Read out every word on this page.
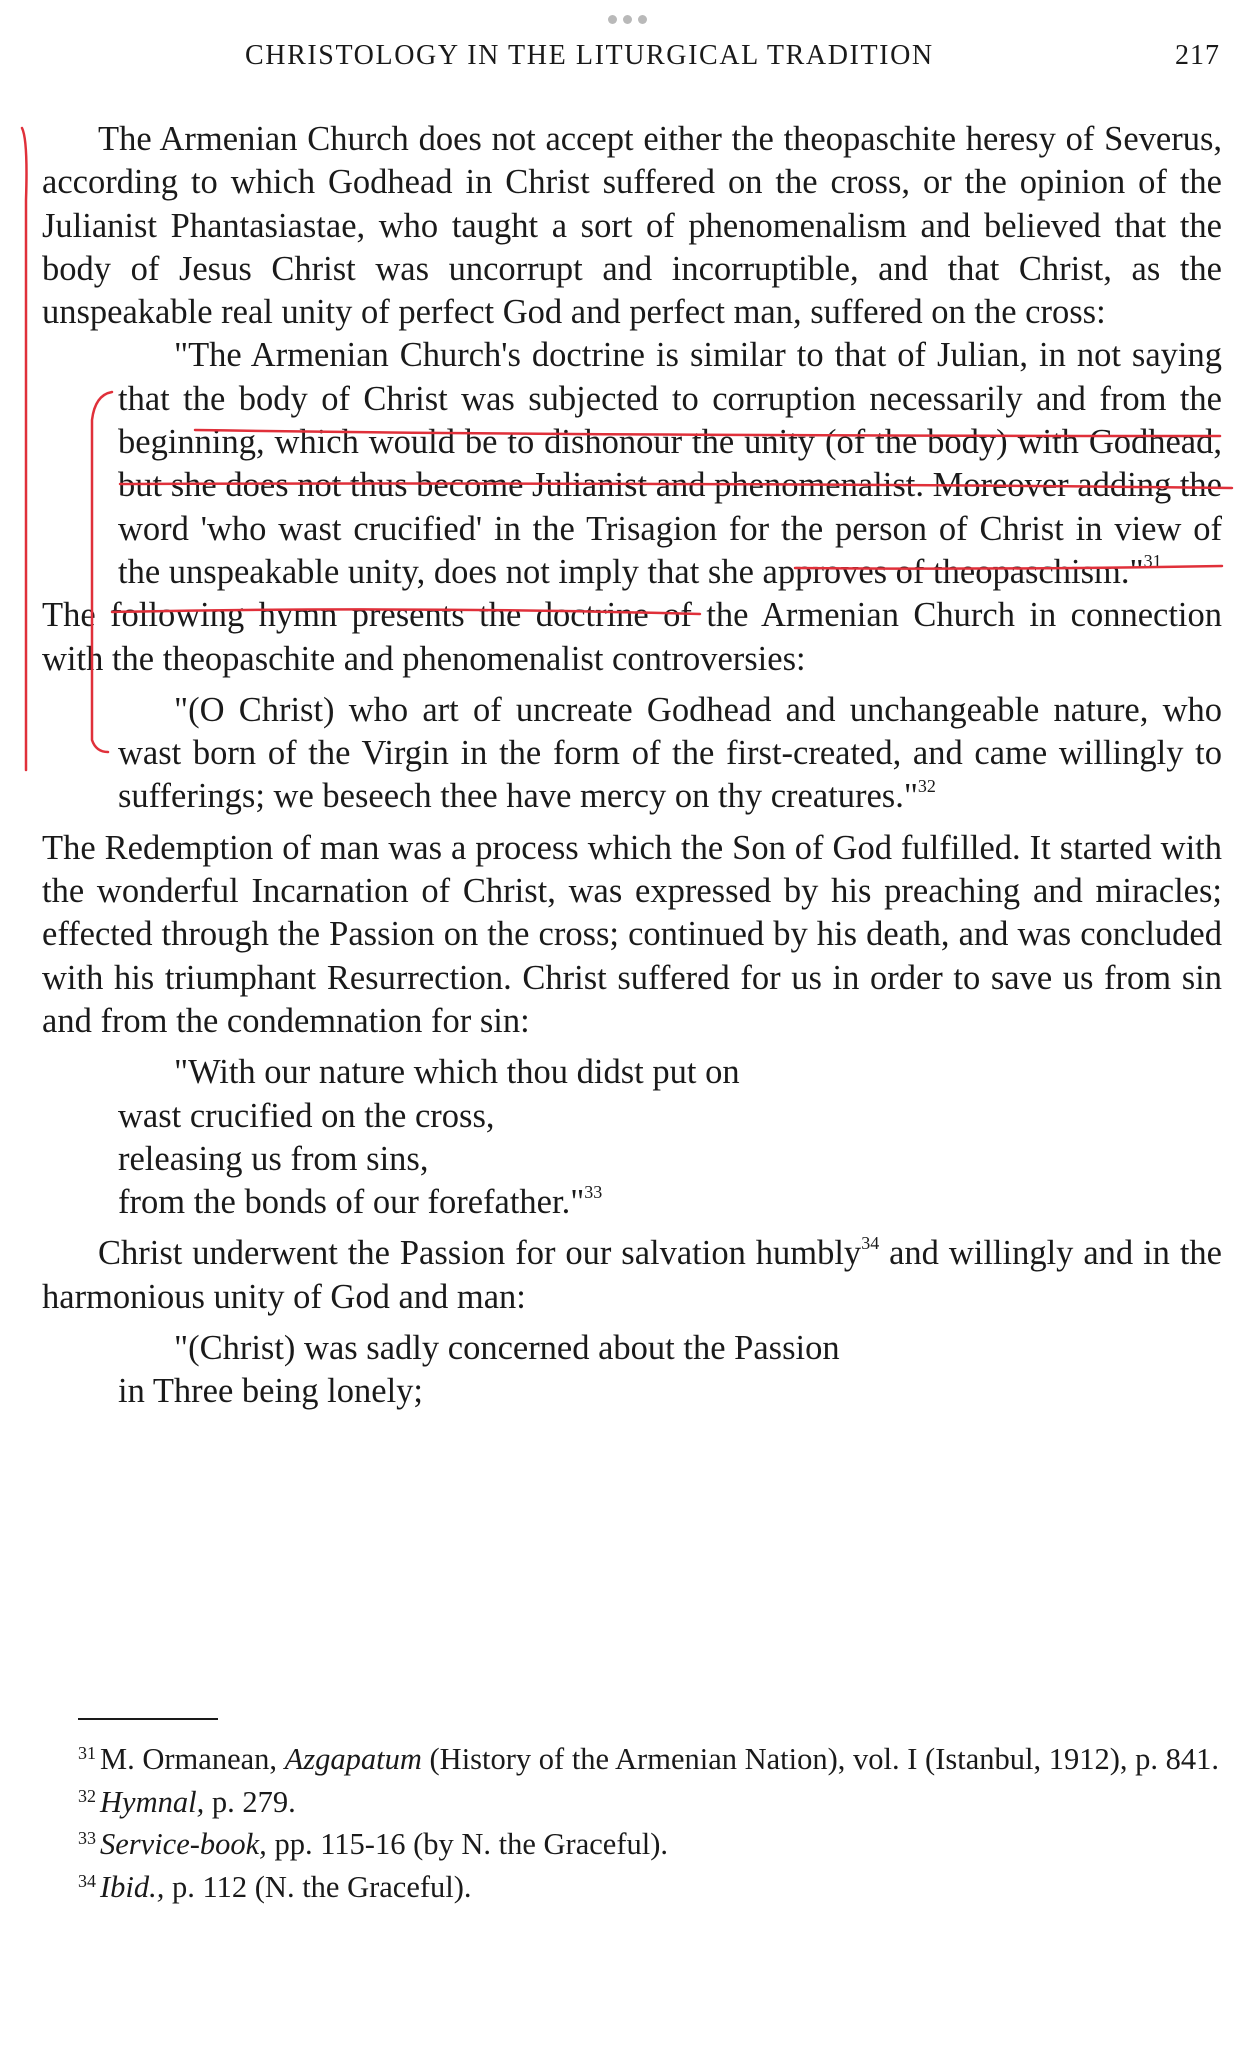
CHRISTOLOGY IN THE LITURGICAL TRADITION	217

The Armenian Church does not accept either the theopaschite heresy of Severus, according to which Godhead in Christ suffered on the cross, or the opinion of the Julianist Phantasiastae, who taught a sort of phenomenalism and believed that the body of Jesus Christ was uncorrupt and incorruptible, and that Christ, as the unspeakable real unity of perfect God and perfect man, suffered on the cross:

"The Armenian Church's doctrine is similar to that of Julian, in not saying that the body of Christ was subjected to corruption necessarily and from the beginning, which would be to dishonour the unity (of the body) with Godhead, but she does not thus become Julianist and phenomenalist. Moreover adding the word 'who wast crucified' in the Trisagion for the person of Christ in view of the unspeakable unity, does not imply that she approves of theopaschism."$^{31}$

The following hymn presents the doctrine of the Armenian Church in connection with the theopaschite and phenomenalist controversies:

"(O Christ) who art of uncreate Godhead and unchangeable nature, who wast born of the Virgin in the form of the first-created, and came willingly to sufferings; we beseech thee have mercy on thy creatures."$^{32}$

The Redemption of man was a process which the Son of God fulfilled. It started with the wonderful Incarnation of Christ, was expressed by his preaching and miracles; effected through the Passion on the cross; continued by his death, and was concluded with his triumphant Resurrection. Christ suffered for us in order to save us from sin and from the condemnation for sin:

"With our nature which thou didst put on
wast crucified on the cross,
releasing us from sins,
from the bonds of our forefather."$^{33}$

Christ underwent the Passion for our salvation humbly$^{34}$ and willingly and in the harmonious unity of God and man:

"(Christ) was sadly concerned about the Passion
in Three being lonely;

$^{31}$ M. Ormanean, Azgapatum (History of the Armenian Nation), vol. I (Istanbul, 1912), p. 841.

$^{32}$ Hymnal, p. 279.

$^{33}$ Service-book, pp. 115-16 (by N. the Graceful).

$^{34}$ Ibid., p. 112 (N. the Graceful).
